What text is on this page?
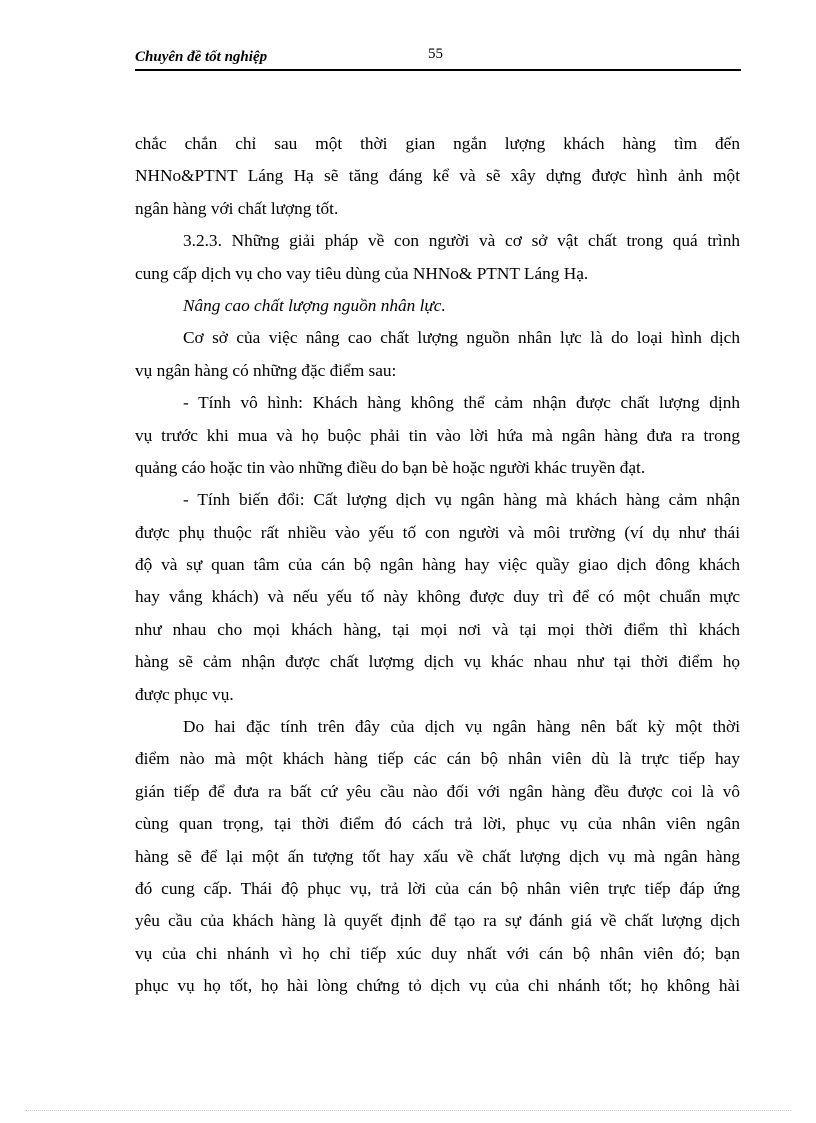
Chuyên đề tốt nghiệp	55
chắc chắn chỉ sau một thời gian ngắn lượng khách hàng tìm đến
NHNo&PTNT Láng Hạ sẽ tăng đáng kể và sẽ xây dựng được hình ảnh một
ngân hàng với chất lượng tốt.
3.2.3. Những giải pháp về con người và cơ sở vật chất trong quá trình
cung cấp dịch vụ cho vay tiêu dùng của NHNo& PTNT Láng Hạ.
Nâng cao chất lượng nguồn nhân lực.
Cơ sở của việc nâng cao chất lượng nguồn nhân lực là do loại hình dịch
vụ ngân hàng có những đặc điểm sau:
- Tính vô hình: Khách hàng không thể cảm nhận được chất lượng dịnh
vụ trước khi mua và họ buộc phải tin vào lời hứa mà ngân hàng đưa ra trong
quảng cáo hoặc tin vào những điều do bạn bè hoặc người khác truyền đạt.
- Tính biến đổi: Cất lượng dịch vụ ngân hàng mà khách hàng cảm nhận
được phụ thuộc rất nhiều vào yếu tố con người và môi trường (ví dụ như thái
độ và sự quan tâm của cán bộ ngân hàng hay việc quầy giao dịch đông khách
hay vắng khách) và nếu yếu tố này không được duy trì để có một chuẩn mực
như nhau cho mọi khách hàng, tại mọi nơi và tại mọi thời điểm thì khách
hàng sẽ cảm nhận được chất lượmg dịch vụ khác nhau như tại thời điểm họ
được phục vụ.
Do hai đặc tính trên đây của dịch vụ ngân hàng nên bất kỳ một thời
điểm nào mà một khách hàng tiếp các cán bộ nhân viên dù là trực tiếp hay
gián tiếp để đưa ra bất cứ yêu cầu nào đối với ngân hàng đều được coi là vô
cùng quan trọng, tại thời điểm đó cách trả lời, phục vụ của nhân viên ngân
hàng sẽ để lại một ấn tượng tốt hay xấu về chất lượng dịch vụ mà ngân hàng
đó cung cấp. Thái độ phục vụ, trả lời của cán bộ nhân viên trực tiếp đáp ứng
yêu cầu của khách hàng là quyết định để tạo ra sự đánh giá về chất lượng dịch
vụ của chi nhánh vì họ chỉ tiếp xúc duy nhất với cán bộ nhân viên đó; bạn
phục vụ họ tốt, họ hài lòng chứng tỏ dịch vụ của chi nhánh tốt; họ không hài
